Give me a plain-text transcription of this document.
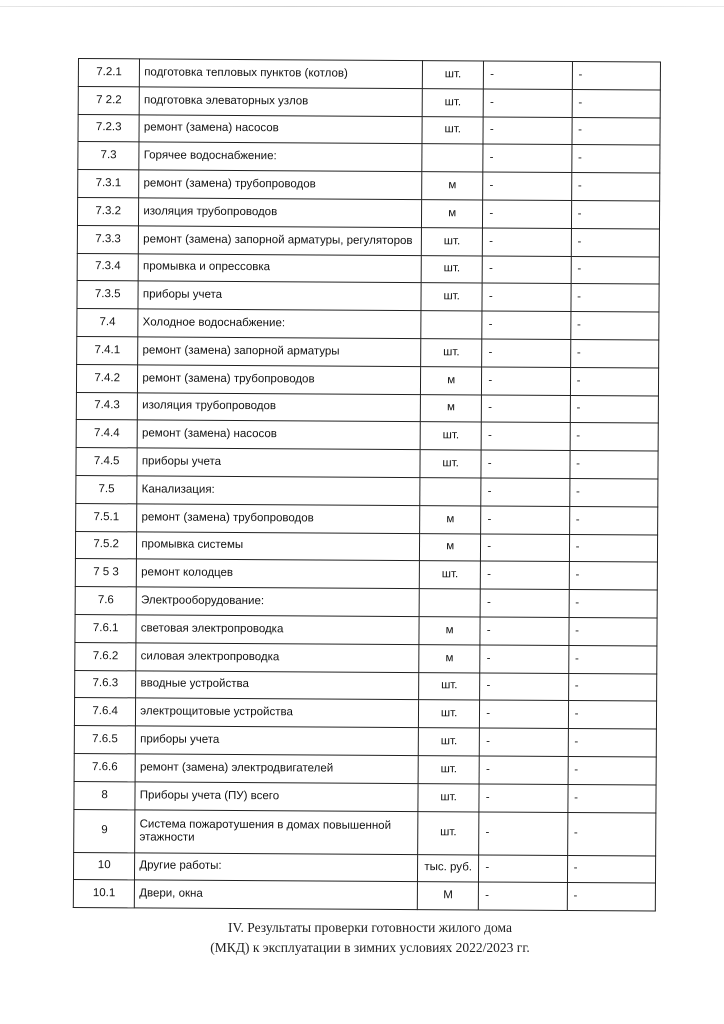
7.2.1	подготовка тепловых пунктов (котлов)	шт.	-	-
7 2.2	подготовка элеваторных узлов	шт.	-	-
7.2.3	ремонт (замена) насосов	шт.	-	-
7.3	Горячее водоснабжение:		-	-
7.3.1	ремонт (замена) трубопроводов	м	-	-
7.3.2	изоляция трубопроводов	м	-	-
7.3.3	ремонт (замена) запорной арматуры, регуляторов	шт.	-	-
7.3.4	промывка и опрессовка	шт.	-	-
7.3.5	приборы учета	шт.	-	-
7.4	Холодное водоснабжение:		-	-
7.4.1	ремонт (замена) запорной арматуры	шт.	-	-
7.4.2	ремонт (замена) трубопроводов	м	-	-
7.4.3	изоляция трубопроводов	м	-	-
7.4.4	ремонт (замена) насосов	шт.	-	-
7.4.5	приборы учета	шт.	-	-
7.5	Канализация:		-	-
7.5.1	ремонт (замена) трубопроводов	м	-	-
7.5.2	промывка системы	м	-	-
7 5 3	ремонт колодцев	шт.	-	-
7.6	Электрооборудование:		-	-
7.6.1	световая электропроводка	м	-	-
7.6.2	силовая электропроводка	м	-	-
7.6.3	вводные устройства	шт.	-	-
7.6.4	электрощитовые устройства	шт.	-	-
7.6.5	приборы учета	шт.	-	-
7.6.6	ремонт (замена) электродвигателей	шт.	-	-
8	Приборы учета (ПУ) всего	шт.	-	-
9	Система пожаротушения в домах повышенной этажности	шт.	-	-
10	Другие работы:	тыс. руб.	-	-
10.1	Двери, окна	М	-	-
IV. Результаты проверки готовности жилого дома
(МКД) к эксплуатации в зимних условиях 2022/2023 гг.
